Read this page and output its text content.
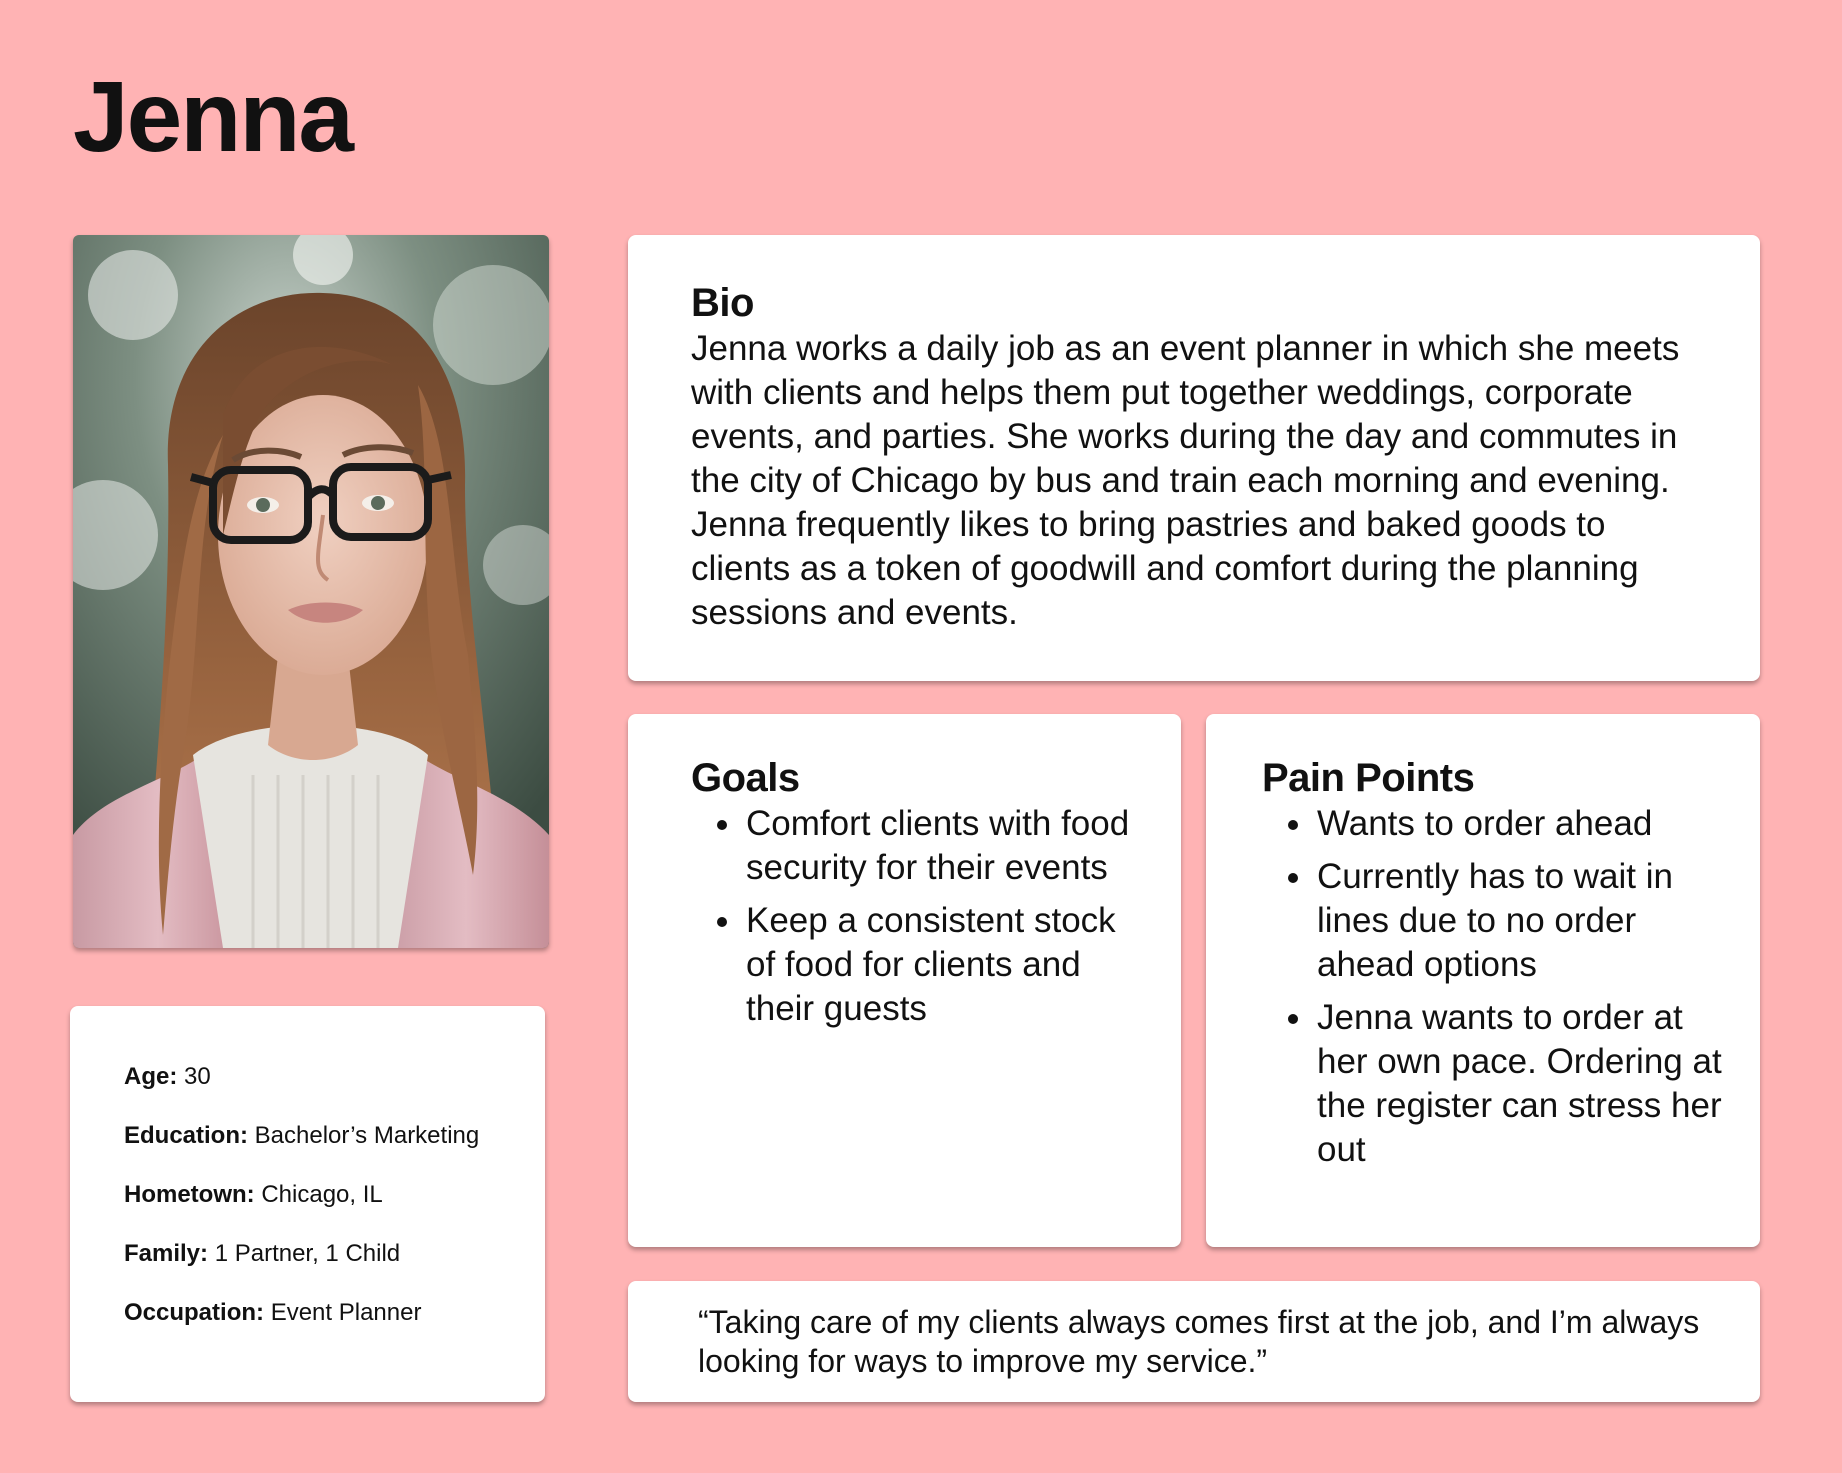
Jenna

Age: 30

Education: Bachelor’s Marketing

Hometown: Chicago, IL

Family: 1 Partner, 1 Child

Occupation: Event Planner

Bio

Jenna works a daily job as an event planner in which she meets with clients and helps them put together weddings, corporate events, and parties. She works during the day and commutes in the city of Chicago by bus and train each morning and evening. Jenna frequently likes to bring pastries and baked goods to clients as a token of goodwill and comfort during the planning sessions and events.

Goals
• Comfort clients with food security for their events
• Keep a consistent stock of food for clients and their guests
Pain Points
• Wants to order ahead
• Currently has to wait in lines due to no order ahead options
• Jenna wants to order at her own pace. Ordering at the register can stress her out

“Taking care of my clients always comes first at the job, and I’m always looking for ways to improve my service.”
